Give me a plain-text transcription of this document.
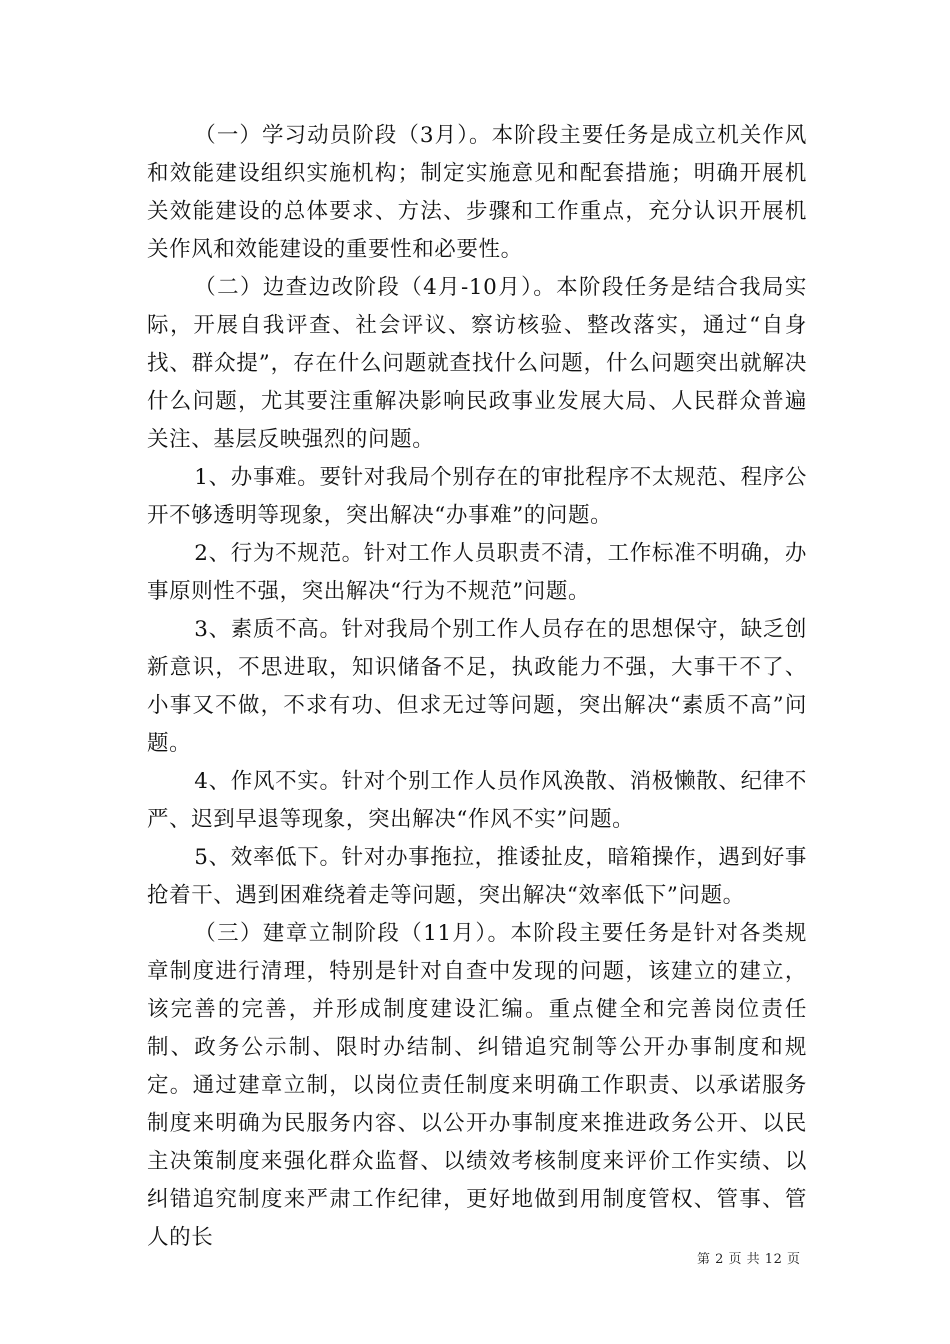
（一）学习动员阶段（3月）。本阶段主要任务是成立机关作风和效能建设组织实施机构；制定实施意见和配套措施；明确开展机关效能建设的总体要求、方法、步骤和工作重点，充分认识开展机关作风和效能建设的重要性和必要性。

（二）边查边改阶段（4月-10月）。本阶段任务是结合我局实际，开展自我评查、社会评议、察访核验、整改落实，通过“自身找、群众提”，存在什么问题就查找什么问题，什么问题突出就解决什么问题，尤其要注重解决影响民政事业发展大局、人民群众普遍关注、基层反映强烈的问题。

1、办事难。要针对我局个别存在的审批程序不太规范、程序公开不够透明等现象，突出解决“办事难”的问题。

2、行为不规范。针对工作人员职责不清，工作标准不明确，办事原则性不强，突出解决“行为不规范”问题。

3、素质不高。针对我局个别工作人员存在的思想保守，缺乏创新意识，不思进取，知识储备不足，执政能力不强，大事干不了、小事又不做，不求有功、但求无过等问题，突出解决“素质不高”问题。

4、作风不实。针对个别工作人员作风涣散、消极懒散、纪律不严、迟到早退等现象，突出解决“作风不实”问题。

5、效率低下。针对办事拖拉，推诿扯皮，暗箱操作，遇到好事抢着干、遇到困难绕着走等问题，突出解决“效率低下”问题。

（三）建章立制阶段（11月）。本阶段主要任务是针对各类规章制度进行清理，特别是针对自查中发现的问题，该建立的建立，该完善的完善，并形成制度建设汇编。重点健全和完善岗位责任制、政务公示制、限时办结制、纠错追究制等公开办事制度和规定。通过建章立制，以岗位责任制度来明确工作职责、以承诺服务制度来明确为民服务内容、以公开办事制度来推进政务公开、以民主决策制度来强化群众监督、以绩效考核制度来评价工作实绩、以纠错追究制度来严肃工作纪律，更好地做到用制度管权、管事、管人的长

第 2 页 共 12 页
